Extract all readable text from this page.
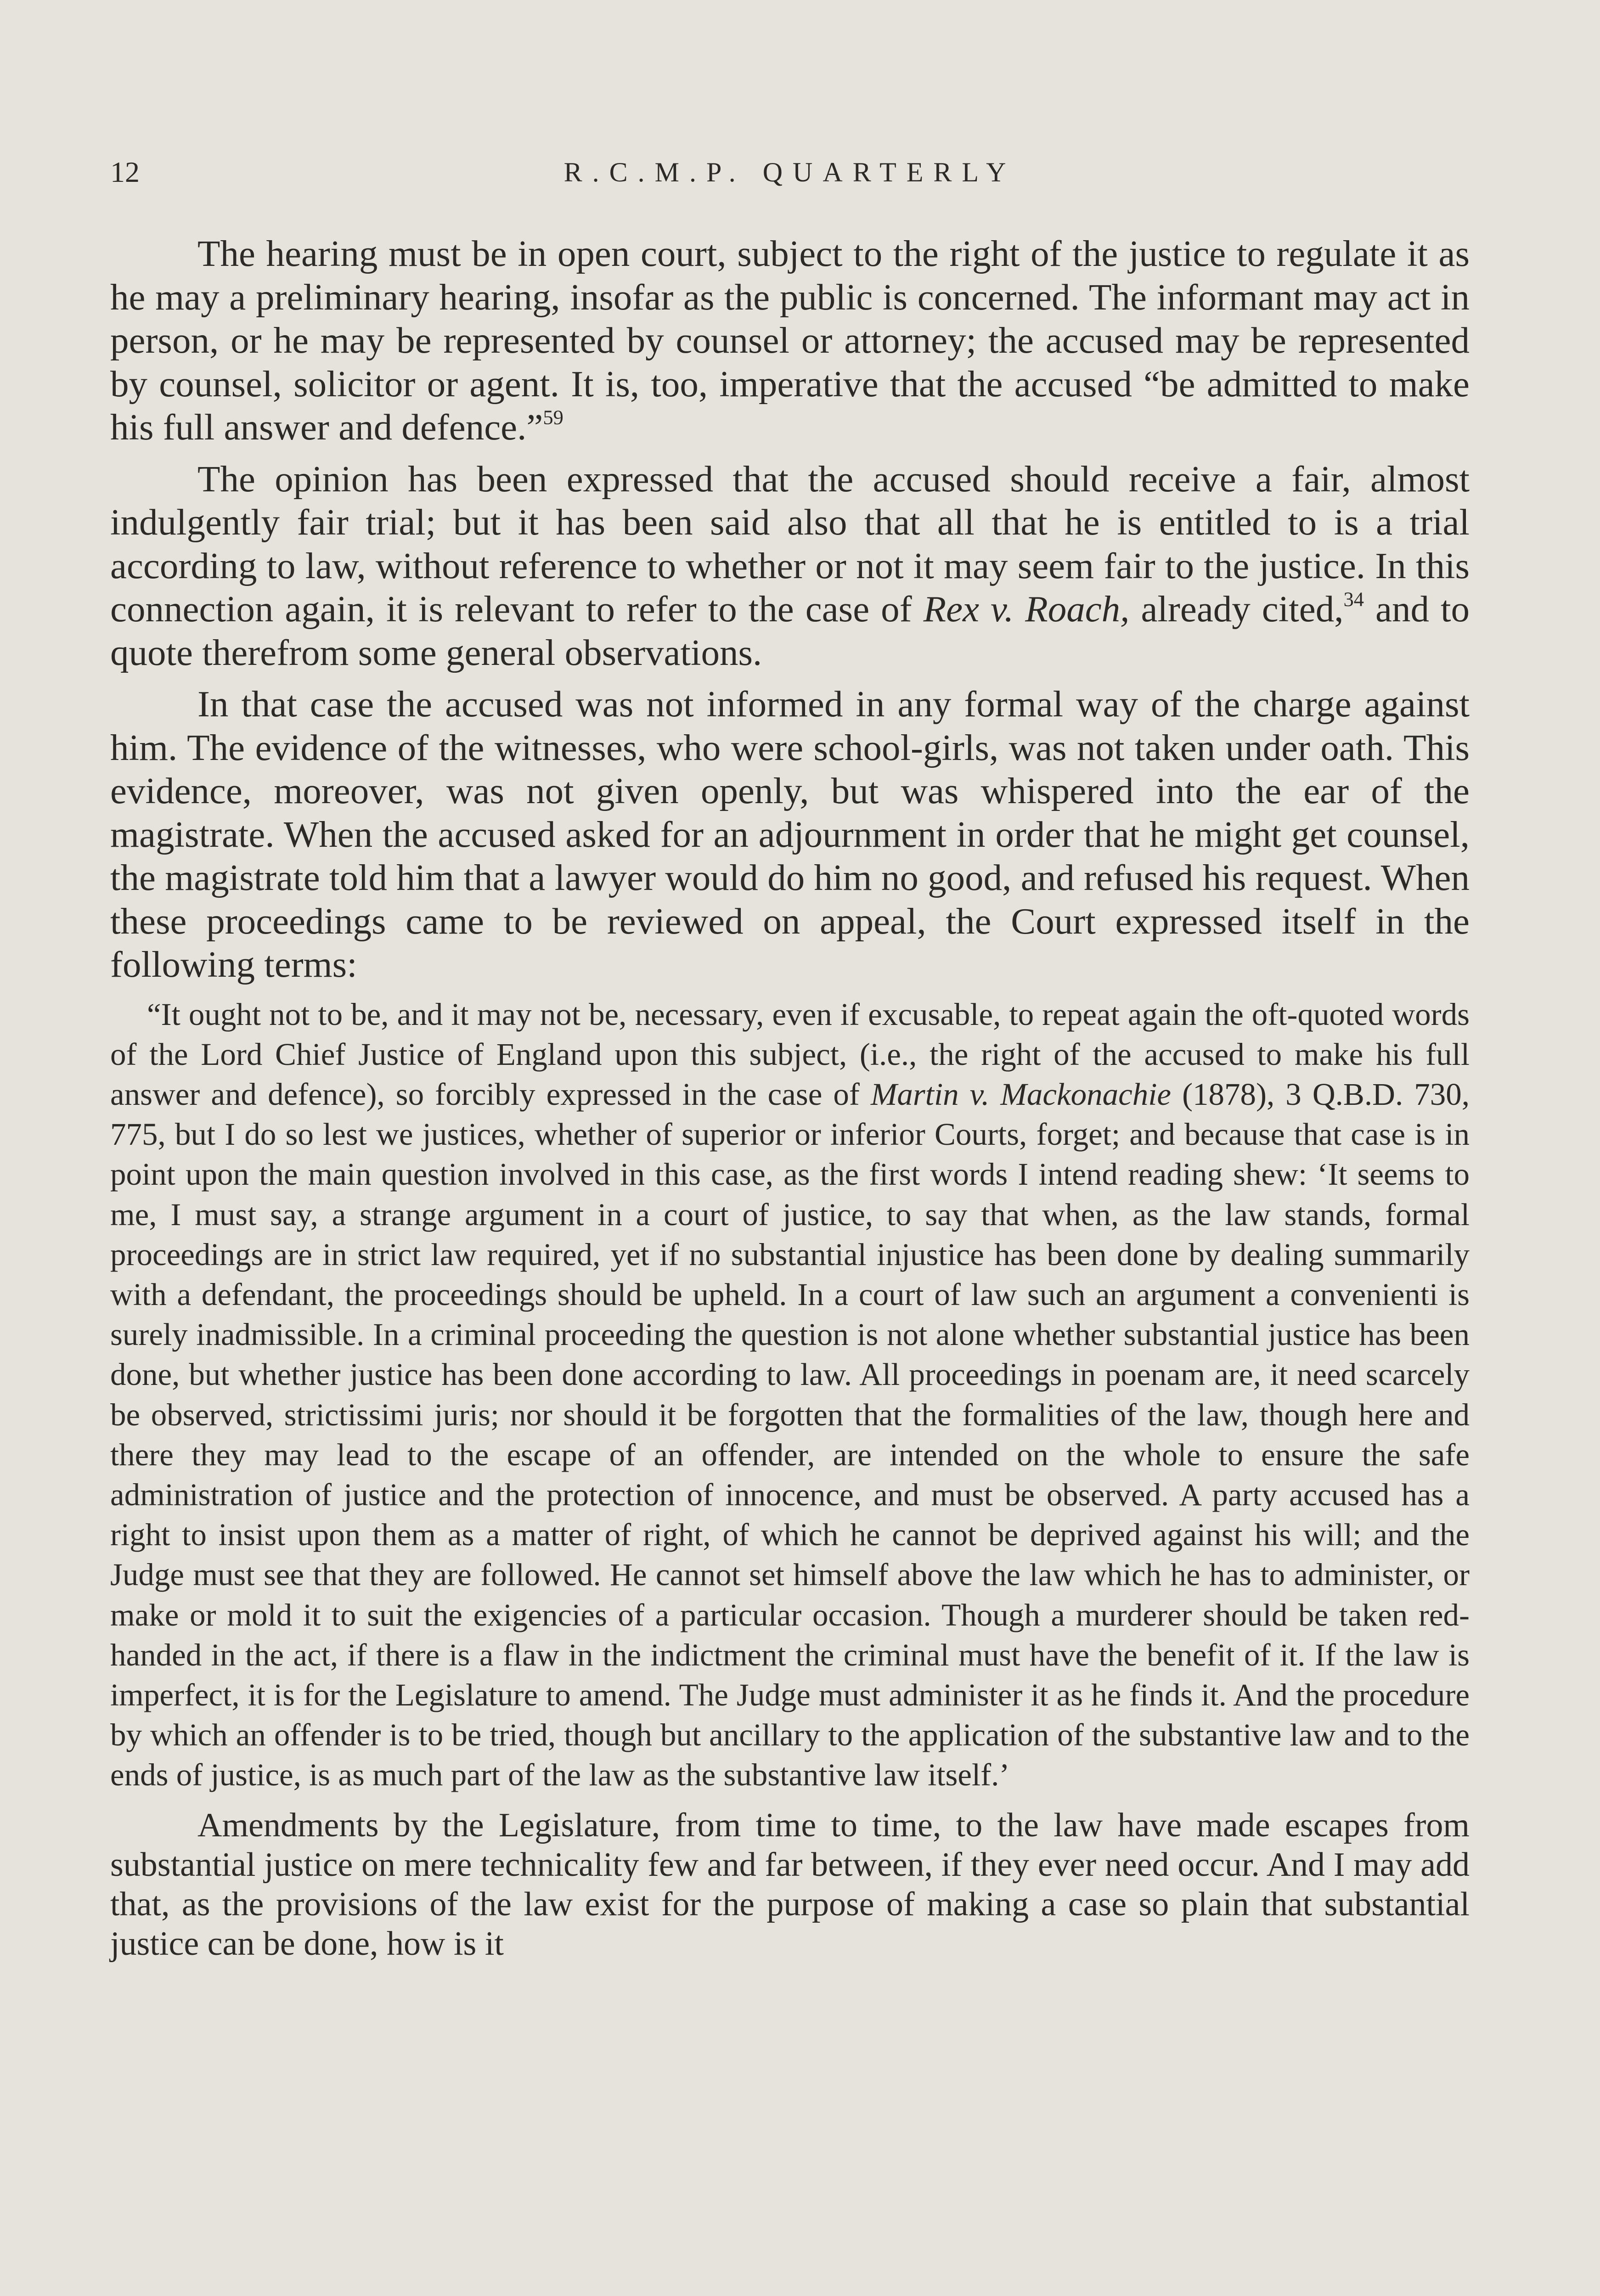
12	R.C.M.P. QUARTERLY

The hearing must be in open court, subject to the right of the justice to regulate it as he may a preliminary hearing, insofar as the public is concerned. The informant may act in person, or he may be represented by counsel or attorney; the accused may be represented by counsel, solicitor or agent. It is, too, imperative that the accused “be admitted to make his full answer and defence.”$^{59}$

The opinion has been expressed that the accused should receive a fair, almost indulgently fair trial; but it has been said also that all that he is entitled to is a trial according to law, without reference to whether or not it may seem fair to the justice. In this connection again, it is relevant to refer to the case of Rex v. Roach, already cited,$^{34}$ and to quote therefrom some general observations.

In that case the accused was not informed in any formal way of the charge against him. The evidence of the witnesses, who were school-girls, was not taken under oath. This evidence, moreover, was not given openly, but was whispered into the ear of the magistrate. When the accused asked for an adjournment in order that he might get counsel, the magistrate told him that a lawyer would do him no good, and refused his request. When these proceedings came to be reviewed on appeal, the Court expressed itself in the following terms:

“It ought not to be, and it may not be, necessary, even if excusable, to repeat again the oft-quoted words of the Lord Chief Justice of England upon this subject, (i.e., the right of the accused to make his full answer and defence), so forcibly expressed in the case of Martin v. Mackonachie (1878), 3 Q.B.D. 730, 775, but I do so lest we justices, whether of superior or inferior Courts, forget; and because that case is in point upon the main question involved in this case, as the first words I intend reading shew: ‘It seems to me, I must say, a strange argument in a court of justice, to say that when, as the law stands, formal proceedings are in strict law required, yet if no substantial injustice has been done by dealing summarily with a defendant, the proceedings should be upheld. In a court of law such an argument a convenienti is surely inadmissible. In a criminal proceeding the question is not alone whether substantial justice has been done, but whether justice has been done according to law. All proceedings in poenam are, it need scarcely be observed, strictissimi juris; nor should it be forgotten that the formalities of the law, though here and there they may lead to the escape of an offender, are intended on the whole to ensure the safe administration of justice and the protection of innocence, and must be observed. A party accused has a right to insist upon them as a matter of right, of which he cannot be deprived against his will; and the Judge must see that they are followed. He cannot set himself above the law which he has to administer, or make or mold it to suit the exigencies of a particular occasion. Though a murderer should be taken red-handed in the act, if there is a flaw in the indictment the criminal must have the benefit of it. If the law is imperfect, it is for the Legislature to amend. The Judge must administer it as he finds it. And the procedure by which an offender is to be tried, though but ancillary to the application of the substantive law and to the ends of justice, is as much part of the law as the substantive law itself.’

Amendments by the Legislature, from time to time, to the law have made escapes from substantial justice on mere technicality few and far between, if they ever need occur. And I may add that, as the provisions of the law exist for the purpose of making a case so plain that substantial justice can be done, how is it
